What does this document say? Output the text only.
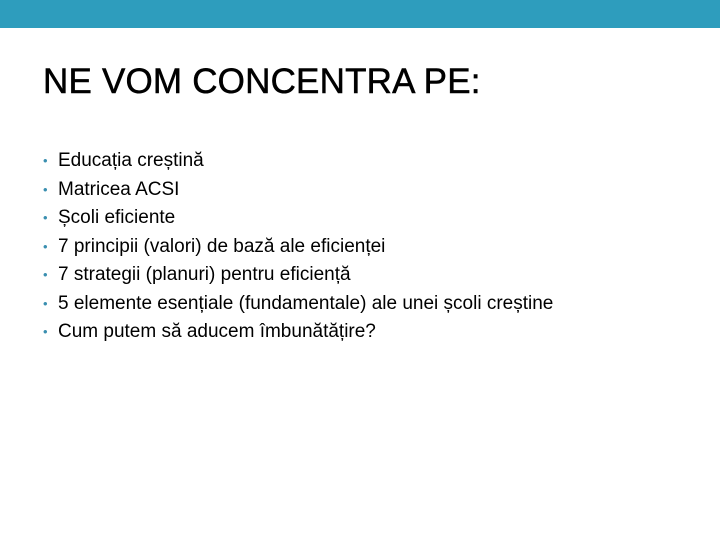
NE VOM CONCENTRA PE:
• Educația creștină
• Matricea ACSI
• Școli eficiente
• 7 principii (valori) de bază ale eficienței
• 7 strategii (planuri) pentru eficiență
• 5 elemente esențiale (fundamentale) ale unei școli creștine
• Cum putem să aducem îmbunătățire?
